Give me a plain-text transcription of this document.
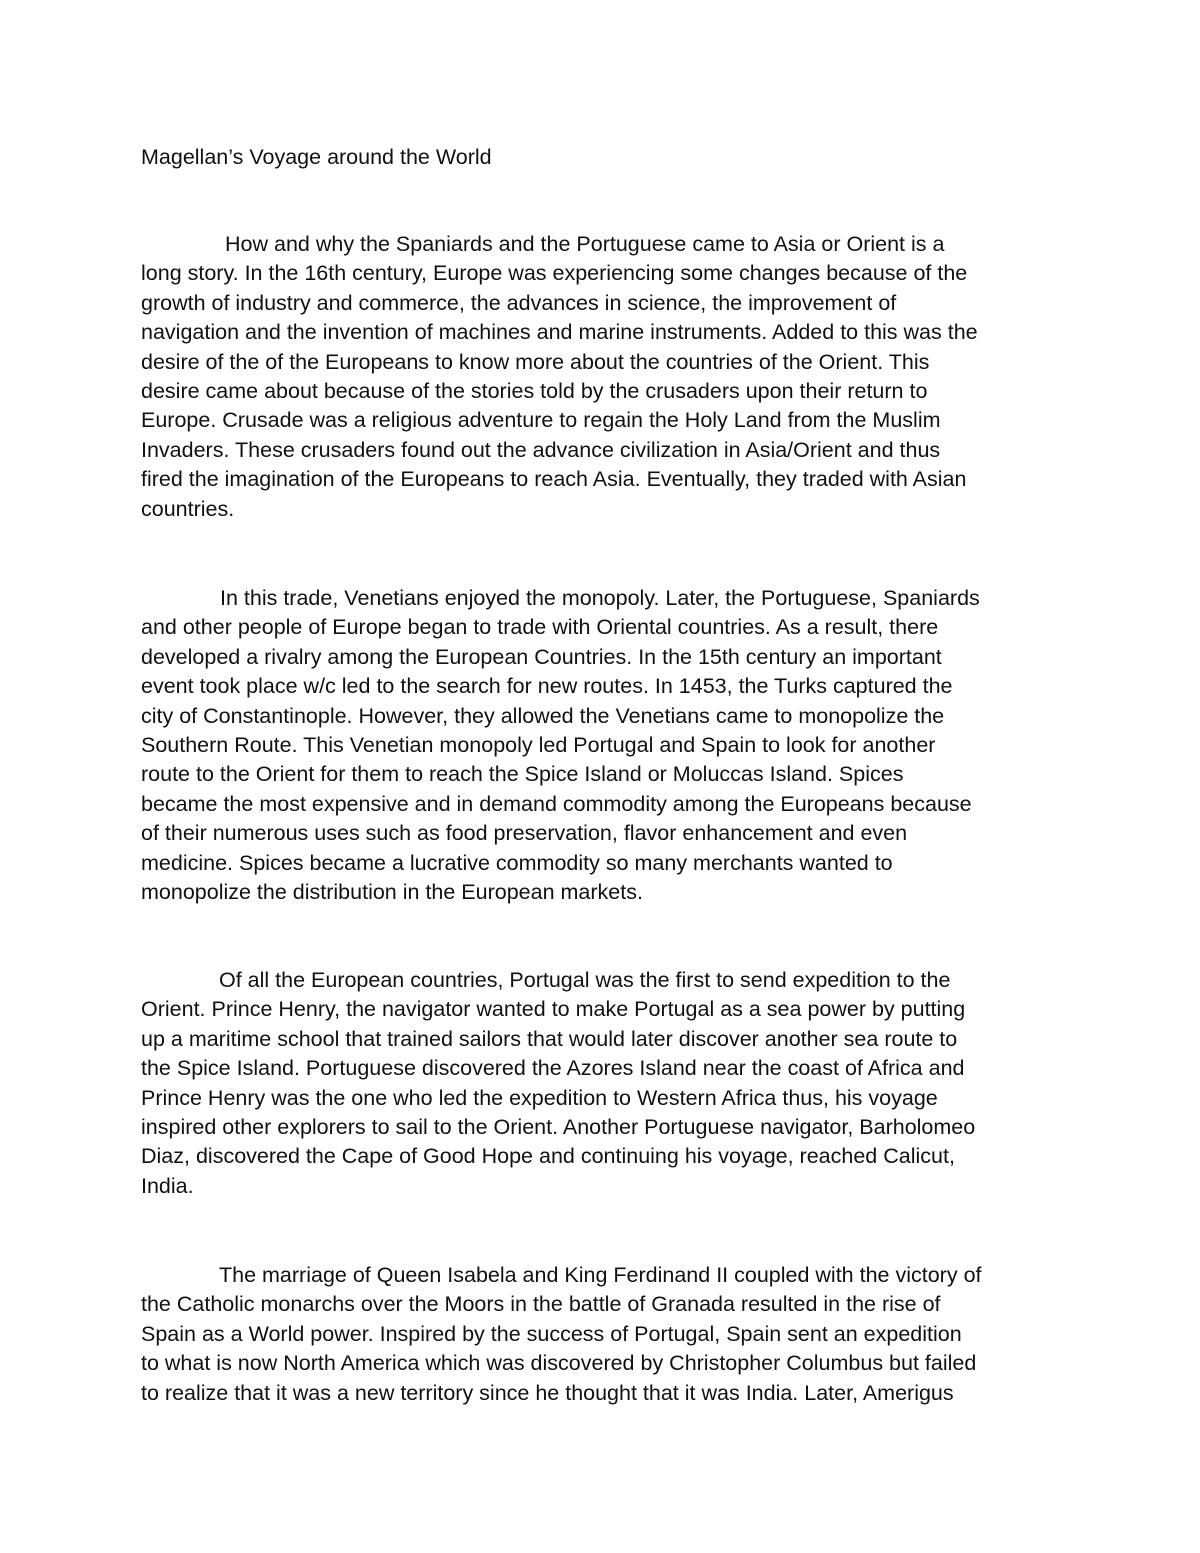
Magellan’s Voyage around the World

How and why the Spaniards and the Portuguese came to Asia or Orient is a
long story. In the 16th century, Europe was experiencing some changes because of the
growth of industry and commerce, the advances in science, the improvement of
navigation and the invention of machines and marine instruments. Added to this was the
desire of the of the Europeans to know more about the countries of the Orient. This
desire came about because of the stories told by the crusaders upon their return to
Europe. Crusade was a religious adventure to regain the Holy Land from the Muslim
Invaders. These crusaders found out the advance civilization in Asia/Orient and thus
fired the imagination of the Europeans to reach Asia. Eventually, they traded with Asian
countries.

In this trade, Venetians enjoyed the monopoly. Later, the Portuguese, Spaniards
and other people of Europe began to trade with Oriental countries. As a result, there
developed a rivalry among the European Countries. In the 15th century an important
event took place w/c led to the search for new routes. In 1453, the Turks captured the
city of Constantinople. However, they allowed the Venetians came to monopolize the
Southern Route. This Venetian monopoly led Portugal and Spain to look for another
route to the Orient for them to reach the Spice Island or Moluccas Island. Spices
became the most expensive and in demand commodity among the Europeans because
of their numerous uses such as food preservation, flavor enhancement and even
medicine. Spices became a lucrative commodity so many merchants wanted to
monopolize the distribution in the European markets.

Of all the European countries, Portugal was the first to send expedition to the
Orient. Prince Henry, the navigator wanted to make Portugal as a sea power by putting
up a maritime school that trained sailors that would later discover another sea route to
the Spice Island. Portuguese discovered the Azores Island near the coast of Africa and
Prince Henry was the one who led the expedition to Western Africa thus, his voyage
inspired other explorers to sail to the Orient. Another Portuguese navigator, Barholomeo
Diaz, discovered the Cape of Good Hope and continuing his voyage, reached Calicut,
India.

The marriage of Queen Isabela and King Ferdinand II coupled with the victory of
the Catholic monarchs over the Moors in the battle of Granada resulted in the rise of
Spain as a World power. Inspired by the success of Portugal, Spain sent an expedition
to what is now North America which was discovered by Christopher Columbus but failed
to realize that it was a new territory since he thought that it was India. Later, Amerigus
